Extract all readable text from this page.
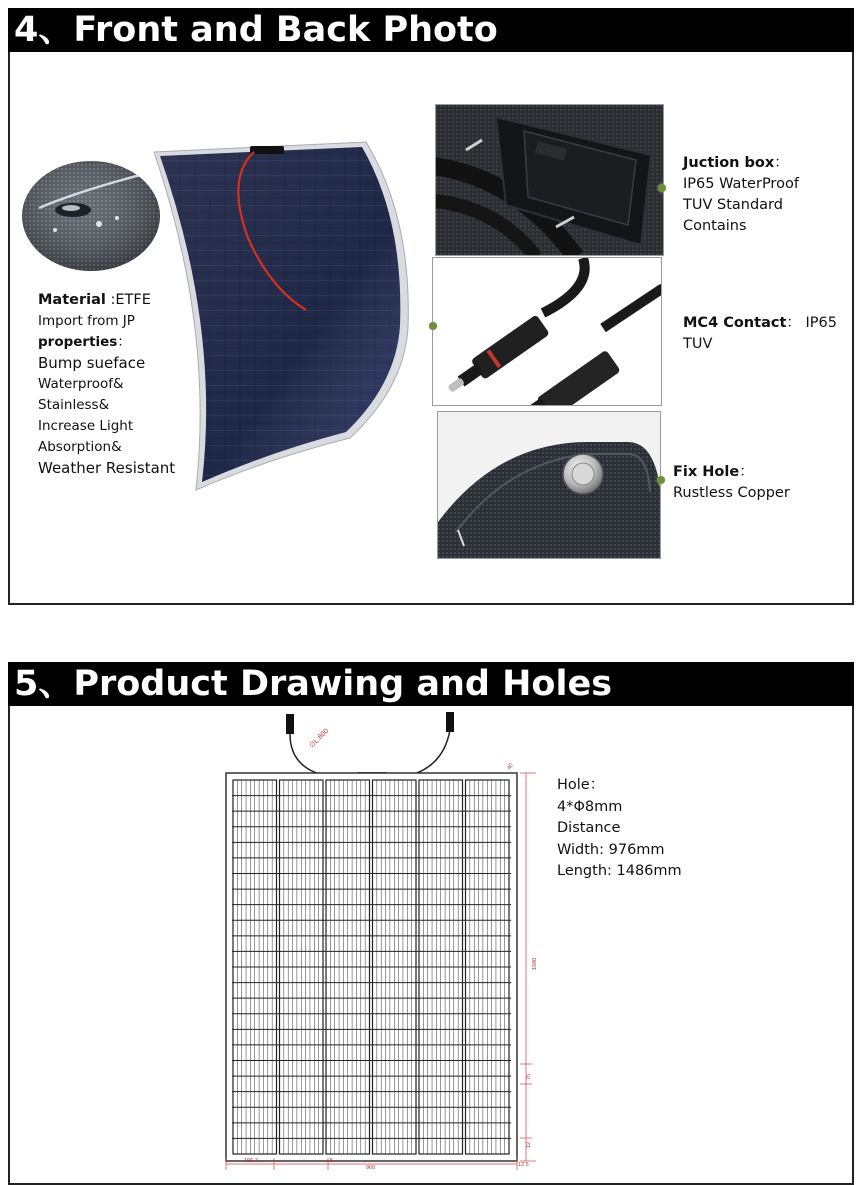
4、Front and Back Photo
Material :ETFE
Import from JP
properties：
Bump sueface
Waterproof&
Stainless&
Increase Light
Absorption&
Weather Resistant
Juction box：
IP65 WaterProof
TUV Standard
Contains
MC4 Contact： IP65
TUV
Fix Hole：
Rustless Copper
5、Product Drawing and Holes
∅L:800
40
1580
75
12
196.7	5
960	12.5
Hole：
4*Φ8mm
Distance
Width: 976mm
Length: 1486mm
